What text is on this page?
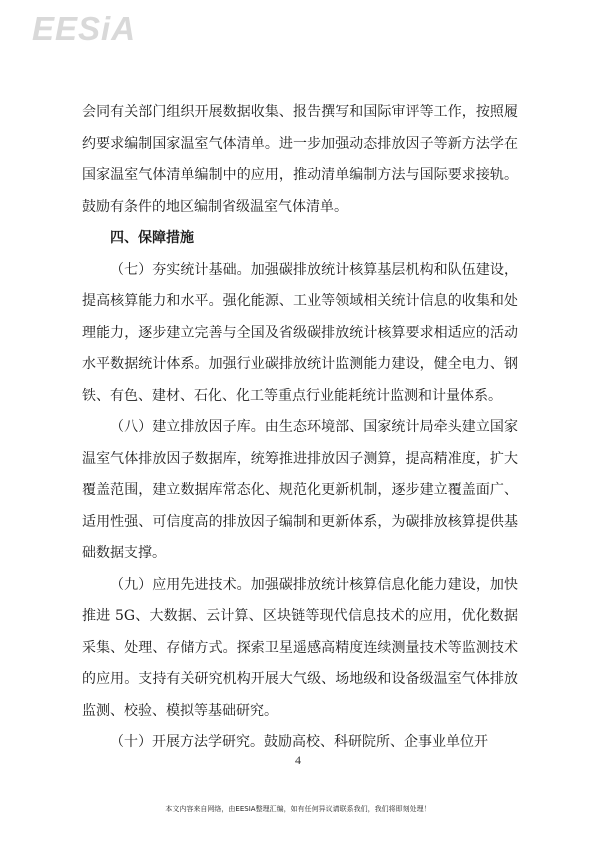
EESiA

会同有关部门组织开展数据收集、报告撰写和国际审评等工作，按照履约要求编制国家温室气体清单。进一步加强动态排放因子等新方法学在国家温室气体清单编制中的应用，推动清单编制方法与国际要求接轨。鼓励有条件的地区编制省级温室气体清单。

四、保障措施

（七）夯实统计基础。加强碳排放统计核算基层机构和队伍建设，提高核算能力和水平。强化能源、工业等领域相关统计信息的收集和处理能力，逐步建立完善与全国及省级碳排放统计核算要求相适应的活动水平数据统计体系。加强行业碳排放统计监测能力建设，健全电力、钢铁、有色、建材、石化、化工等重点行业能耗统计监测和计量体系。

（八）建立排放因子库。由生态环境部、国家统计局牵头建立国家温室气体排放因子数据库，统筹推进排放因子测算，提高精准度，扩大覆盖范围，建立数据库常态化、规范化更新机制，逐步建立覆盖面广、适用性强、可信度高的排放因子编制和更新体系，为碳排放核算提供基础数据支撑。

（九）应用先进技术。加强碳排放统计核算信息化能力建设，加快推进 5G、大数据、云计算、区块链等现代信息技术的应用，优化数据采集、处理、存储方式。探索卫星遥感高精度连续测量技术等监测技术的应用。支持有关研究机构开展大气级、场地级和设备级温室气体排放监测、校验、模拟等基础研究。

（十）开展方法学研究。鼓励高校、科研院所、企事业单位开

4
本文内容来自网络，由EESIA整理汇编，如有任何异议请联系我们，我们将即刻处理！
